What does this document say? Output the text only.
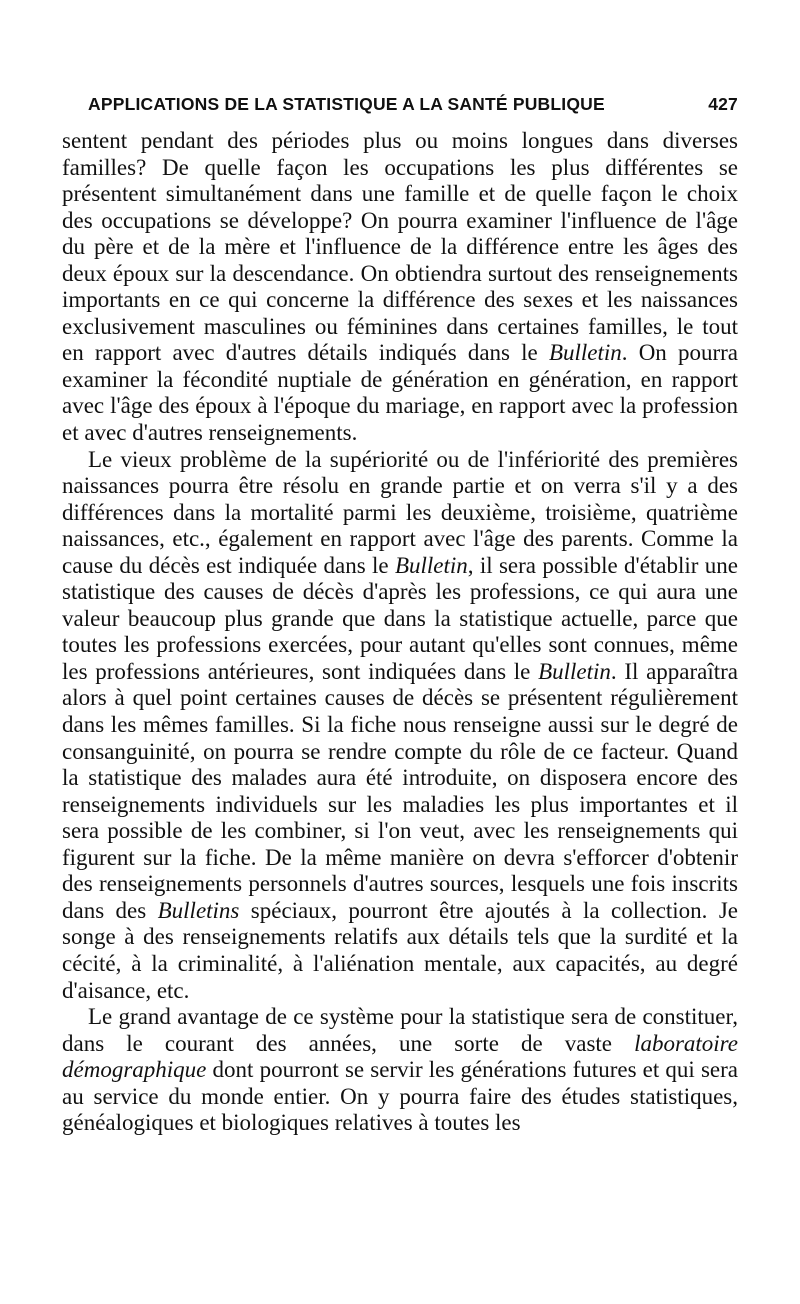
APPLICATIONS DE LA STATISTIQUE A LA SANTÉ PUBLIQUE	427

sentent pendant des périodes plus ou moins longues dans diverses familles? De quelle façon les occupations les plus différentes se présentent simultanément dans une famille et de quelle façon le choix des occupations se développe? On pourra examiner l'influence de l'âge du père et de la mère et l'influence de la différence entre les âges des deux époux sur la descendance. On obtiendra surtout des renseignements importants en ce qui concerne la différence des sexes et les naissances exclusivement masculines ou féminines dans certaines familles, le tout en rapport avec d'autres détails indiqués dans le Bulletin. On pourra examiner la fécondité nuptiale de génération en génération, en rapport avec l'âge des époux à l'époque du mariage, en rapport avec la profession et avec d'autres renseignements.

Le vieux problème de la supériorité ou de l'infériorité des premières naissances pourra être résolu en grande partie et on verra s'il y a des différences dans la mortalité parmi les deuxième, troisième, quatrième naissances, etc., également en rapport avec l'âge des parents. Comme la cause du décès est indiquée dans le Bulletin, il sera possible d'établir une statistique des causes de décès d'après les professions, ce qui aura une valeur beaucoup plus grande que dans la statistique actuelle, parce que toutes les professions exercées, pour autant qu'elles sont connues, même les professions antérieures, sont indiquées dans le Bulletin. Il apparaîtra alors à quel point certaines causes de décès se présentent régulièrement dans les mêmes familles. Si la fiche nous renseigne aussi sur le degré de consanguinité, on pourra se rendre compte du rôle de ce facteur. Quand la statistique des malades aura été introduite, on disposera encore des renseignements individuels sur les maladies les plus importantes et il sera possible de les combiner, si l'on veut, avec les renseignements qui figurent sur la fiche. De la même manière on devra s'efforcer d'obtenir des renseignements personnels d'autres sources, lesquels une fois inscrits dans des Bulletins spéciaux, pourront être ajoutés à la collection. Je songe à des renseignements relatifs aux détails tels que la surdité et la cécité, à la criminalité, à l'aliénation mentale, aux capacités, au degré d'aisance, etc.

Le grand avantage de ce système pour la statistique sera de constituer, dans le courant des années, une sorte de vaste laboratoire démographique dont pourront se servir les générations futures et qui sera au service du monde entier. On y pourra faire des études statistiques, généalogiques et biologiques relatives à toutes les
